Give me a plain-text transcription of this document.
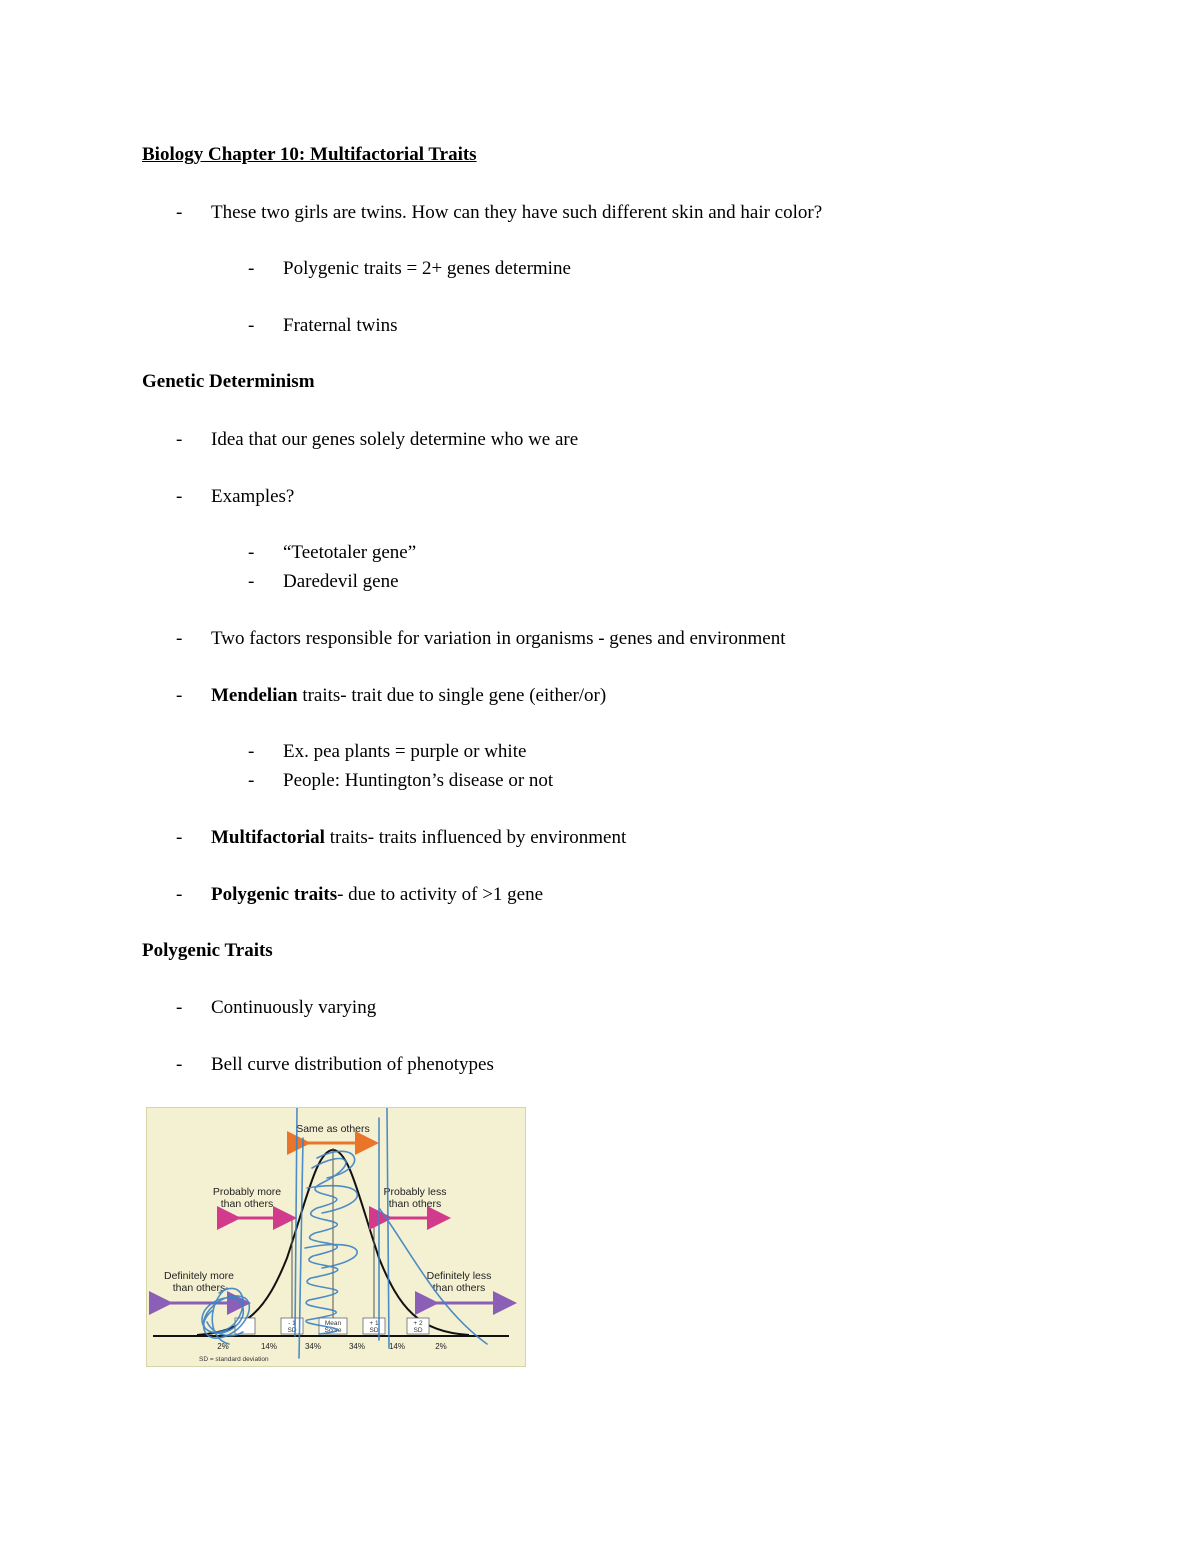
Biology Chapter 10: Multifactorial Traits
- These two girls are twins. How can they have such different skin and hair color?
- Polygenic traits = 2+ genes determine
- Fraternal twins
Genetic Determinism
- Idea that our genes solely determine who we are
- Examples?
- “Teetotaler gene”
- Daredevil gene
- Two factors responsible for variation in organisms - genes and environment
- Mendelian traits- trait due to single gene (either/or)
- Ex. pea plants = purple or white
- People: Huntington’s disease or not
- Multifactorial traits- traits influenced by environment
- Polygenic traits- due to activity of >1 gene
Polygenic Traits
- Continuously varying
- Bell curve distribution of phenotypes
Same as others
Probably more
than others
Probably less
than others
Definitely more
than others
Definitely less
than others
- 1
SD
Mean
Score
+ 1
SD
+ 2
SD
2%	14%	34%	34%	14%	2%
SD = standard deviation
